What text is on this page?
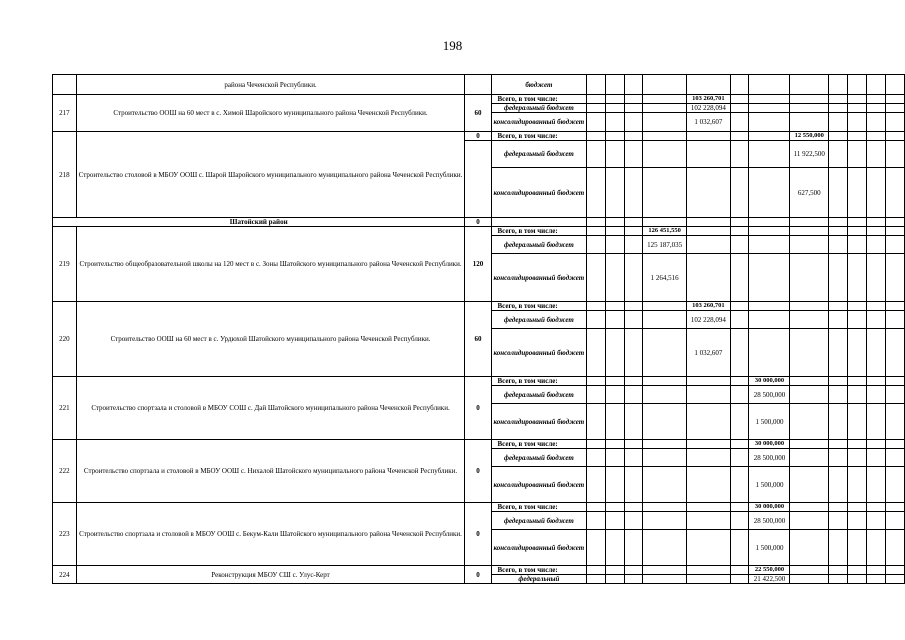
198
	района Чеченской Республики.		бюджет												
217	Строительство ООШ на 60 мест в с. Химой Шаройского муниципального района Чеченской Республики.	60	Всего, в том числе:					103 260,701							
			федеральный бюджет					102 228,094							
			консолидированный бюджет					1 032,607							
218	Строительство столовой в МБОУ ООШ с. Шарой Шаройского муниципального муниципального района Чеченской Республики.	0	Всего, в том числе:								12 550,000				
			федеральный бюджет								11 922,500				
			консолидированный бюджет								627,500				
Шатойский район		0													
219	Строительство общеобразовательной школы на 120 мест в с. Зоны Шатойского муниципального района Чеченской Республики.	120	Всего, в том числе:				126 451,550								
			федеральный бюджет				125 187,035								
			консолидированный бюджет				1 264,516								
220	Строительство ООШ на 60 мест в с. Урдюхой Шатойского муниципального района Чеченской Республики.	60	Всего, в том числе:					103 260,701							
			федеральный бюджет					102 228,094							
			консолидированный бюджет					1 032,607							
221	Строительство спортзала и столовой в МБОУ СОШ с. Дай Шатойского муниципального района Чеченской Республики.	0	Всего, в том числе:							30 000,000					
			федеральный бюджет							28 500,000					
			консолидированный бюджет							1 500,000					
222	Строительство спортзала и столовой в МБОУ ООШ с. Нихалой Шатойского муниципального района Чеченской Республики.	0	Всего, в том числе:							30 000,000					
			федеральный бюджет							28 500,000					
			консолидированный бюджет							1 500,000					
223	Строительство спортзала и столовой в МБОУ ООШ с. Бекум-Кали Шатойского муниципального района Чеченской Республики.	0	Всего, в том числе:							30 000,000					
			федеральный бюджет							28 500,000					
			консолидированный бюджет							1 500,000					
224	Реконструкция МБОУ СШ с. Улус-Керт	0	Всего, в том числе:							22 550,000					
			федеральный							21 422,500					
